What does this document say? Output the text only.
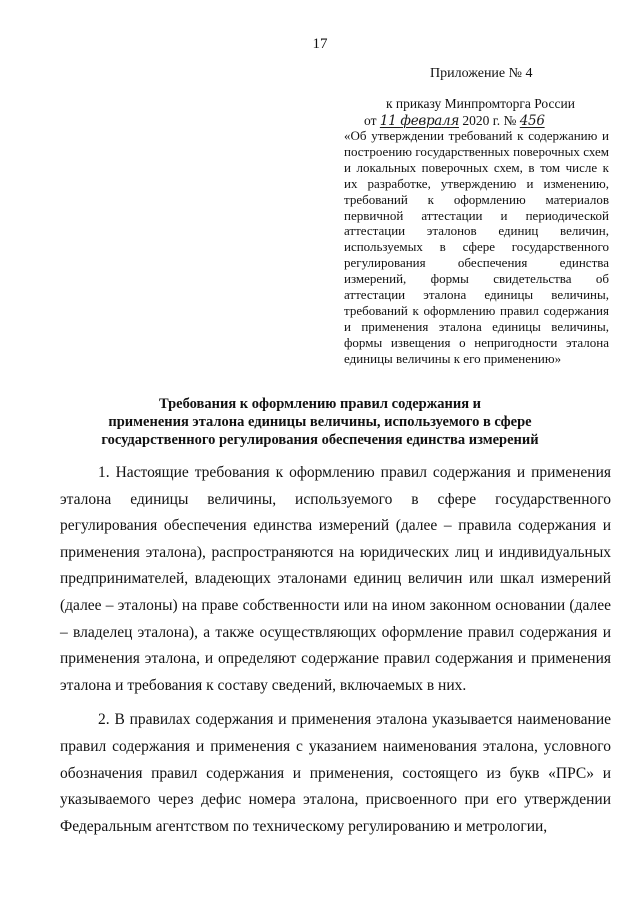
17
Приложение № 4
к приказу Минпромторга России
от 11 февраля 2020 г. № 456
«Об утверждении требований к содержанию и построению государственных поверочных схем и локальных поверочных схем, в том числе к их разработке, утверждению и изменению, требований к оформлению материалов первичной аттестации и периодической аттестации эталонов единиц величин, используемых в сфере государственного регулирования обеспечения единства измерений, формы свидетельства об аттестации эталона единицы величины, требований к оформлению правил содержания и применения эталона единицы величины, формы извещения о непригодности эталона единицы величины к его применению»
Требования к оформлению правил содержания и
применения эталона единицы величины, используемого в сфере
государственного регулирования обеспечения единства измерений

1. Настоящие требования к оформлению правил содержания и применения эталона единицы величины, используемого в сфере государственного регулирования обеспечения единства измерений (далее – правила содержания и применения эталона), распространяются на юридических лиц и индивидуальных предпринимателей, владеющих эталонами единиц величин или шкал измерений (далее – эталоны) на праве собственности или на ином законном основании (далее – владелец эталона), а также осуществляющих оформление правил содержания и применения эталона, и определяют содержание правил содержания и применения эталона и требования к составу сведений, включаемых в них.

2. В правилах содержания и применения эталона указывается наименование правил содержания и применения с указанием наименования эталона, условного обозначения правил содержания и применения, состоящего из букв «ПРС» и указываемого через дефис номера эталона, присвоенного при его утверждении Федеральным агентством по техническому регулированию и метрологии,
